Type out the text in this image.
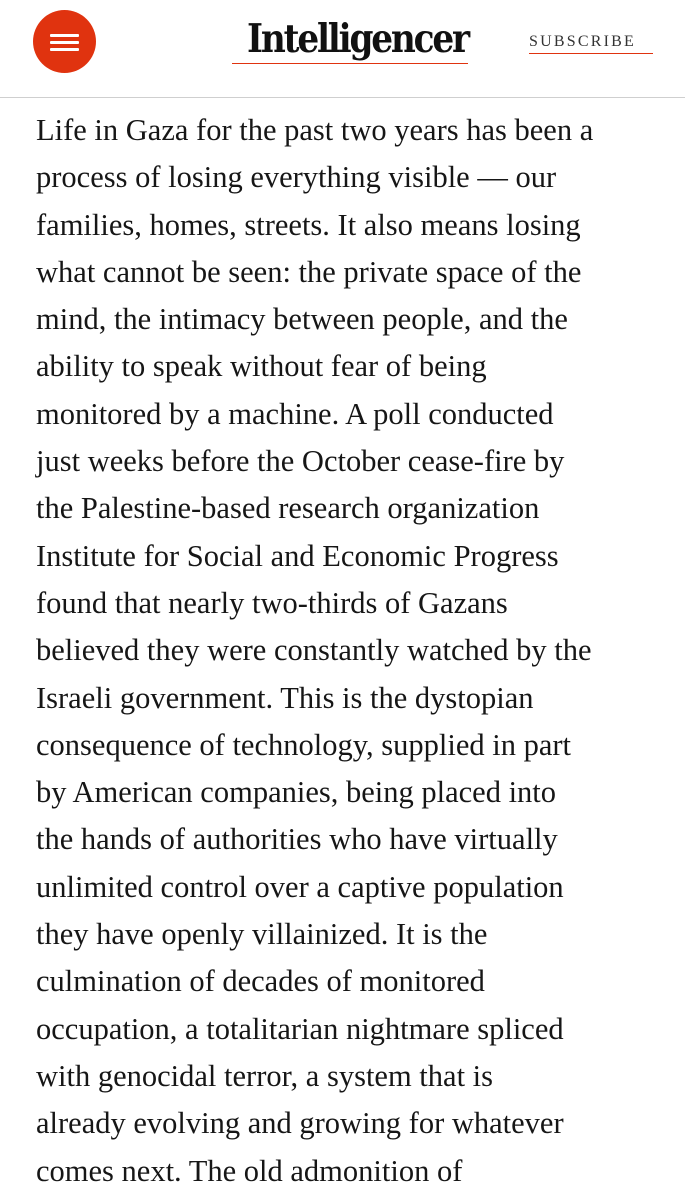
Intelligencer	SUBSCRIBE

Life in Gaza for the past two years has been a
process of losing everything visible — our
families, homes, streets. It also means losing
what cannot be seen: the private space of the
mind, the intimacy between people, and the
ability to speak without fear of being
monitored by a machine. A poll conducted
just weeks before the October cease-fire by
the Palestine-based research organization
Institute for Social and Economic Progress
found that nearly two-thirds of Gazans
believed they were constantly watched by the
Israeli government. This is the dystopian
consequence of technology, supplied in part
by American companies, being placed into
the hands of authorities who have virtually
unlimited control over a captive population
they have openly villainized. It is the
culmination of decades of monitored
occupation, a totalitarian nightmare spliced
with genocidal terror, a system that is
already evolving and growing for whatever
comes next. The old admonition of
